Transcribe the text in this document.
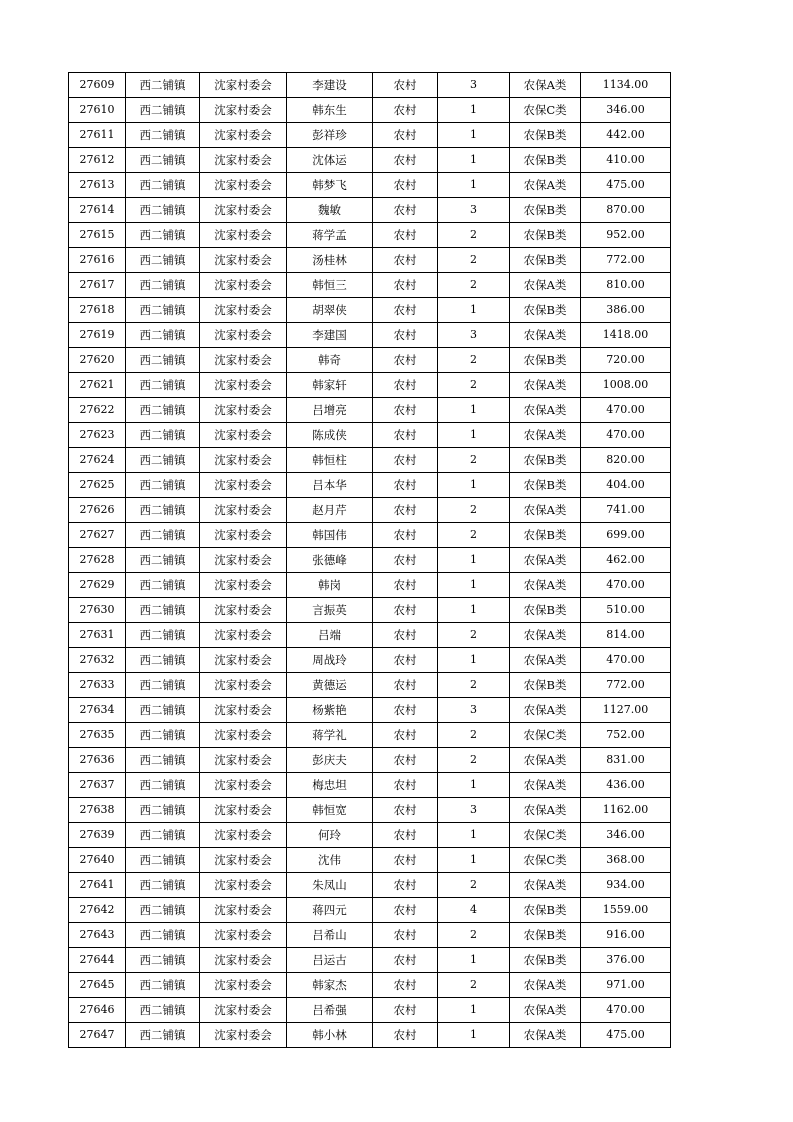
27609	西二铺镇	沈家村委会	李建设	农村	3	农保A类	1134.00
27610	西二铺镇	沈家村委会	韩东生	农村	1	农保C类	346.00
27611	西二铺镇	沈家村委会	彭祥珍	农村	1	农保B类	442.00
27612	西二铺镇	沈家村委会	沈体运	农村	1	农保B类	410.00
27613	西二铺镇	沈家村委会	韩梦飞	农村	1	农保A类	475.00
27614	西二铺镇	沈家村委会	魏敏	农村	3	农保B类	870.00
27615	西二铺镇	沈家村委会	蒋学孟	农村	2	农保B类	952.00
27616	西二铺镇	沈家村委会	汤桂林	农村	2	农保B类	772.00
27617	西二铺镇	沈家村委会	韩恒三	农村	2	农保A类	810.00
27618	西二铺镇	沈家村委会	胡翠侠	农村	1	农保B类	386.00
27619	西二铺镇	沈家村委会	李建国	农村	3	农保A类	1418.00
27620	西二铺镇	沈家村委会	韩奇	农村	2	农保B类	720.00
27621	西二铺镇	沈家村委会	韩家轩	农村	2	农保A类	1008.00
27622	西二铺镇	沈家村委会	吕增亮	农村	1	农保A类	470.00
27623	西二铺镇	沈家村委会	陈成侠	农村	1	农保A类	470.00
27624	西二铺镇	沈家村委会	韩恒柱	农村	2	农保B类	820.00
27625	西二铺镇	沈家村委会	吕本华	农村	1	农保B类	404.00
27626	西二铺镇	沈家村委会	赵月芹	农村	2	农保A类	741.00
27627	西二铺镇	沈家村委会	韩国伟	农村	2	农保B类	699.00
27628	西二铺镇	沈家村委会	张德峰	农村	1	农保A类	462.00
27629	西二铺镇	沈家村委会	韩岗	农村	1	农保A类	470.00
27630	西二铺镇	沈家村委会	言振英	农村	1	农保B类	510.00
27631	西二铺镇	沈家村委会	吕端	农村	2	农保A类	814.00
27632	西二铺镇	沈家村委会	周战玲	农村	1	农保A类	470.00
27633	西二铺镇	沈家村委会	黄德运	农村	2	农保B类	772.00
27634	西二铺镇	沈家村委会	杨紫艳	农村	3	农保A类	1127.00
27635	西二铺镇	沈家村委会	蒋学礼	农村	2	农保C类	752.00
27636	西二铺镇	沈家村委会	彭庆夫	农村	2	农保A类	831.00
27637	西二铺镇	沈家村委会	梅忠坦	农村	1	农保A类	436.00
27638	西二铺镇	沈家村委会	韩恒宽	农村	3	农保A类	1162.00
27639	西二铺镇	沈家村委会	何玲	农村	1	农保C类	346.00
27640	西二铺镇	沈家村委会	沈伟	农村	1	农保C类	368.00
27641	西二铺镇	沈家村委会	朱凤山	农村	2	农保A类	934.00
27642	西二铺镇	沈家村委会	蒋四元	农村	4	农保B类	1559.00
27643	西二铺镇	沈家村委会	吕希山	农村	2	农保B类	916.00
27644	西二铺镇	沈家村委会	吕运古	农村	1	农保B类	376.00
27645	西二铺镇	沈家村委会	韩家杰	农村	2	农保A类	971.00
27646	西二铺镇	沈家村委会	吕希强	农村	1	农保A类	470.00
27647	西二铺镇	沈家村委会	韩小林	农村	1	农保A类	475.00
